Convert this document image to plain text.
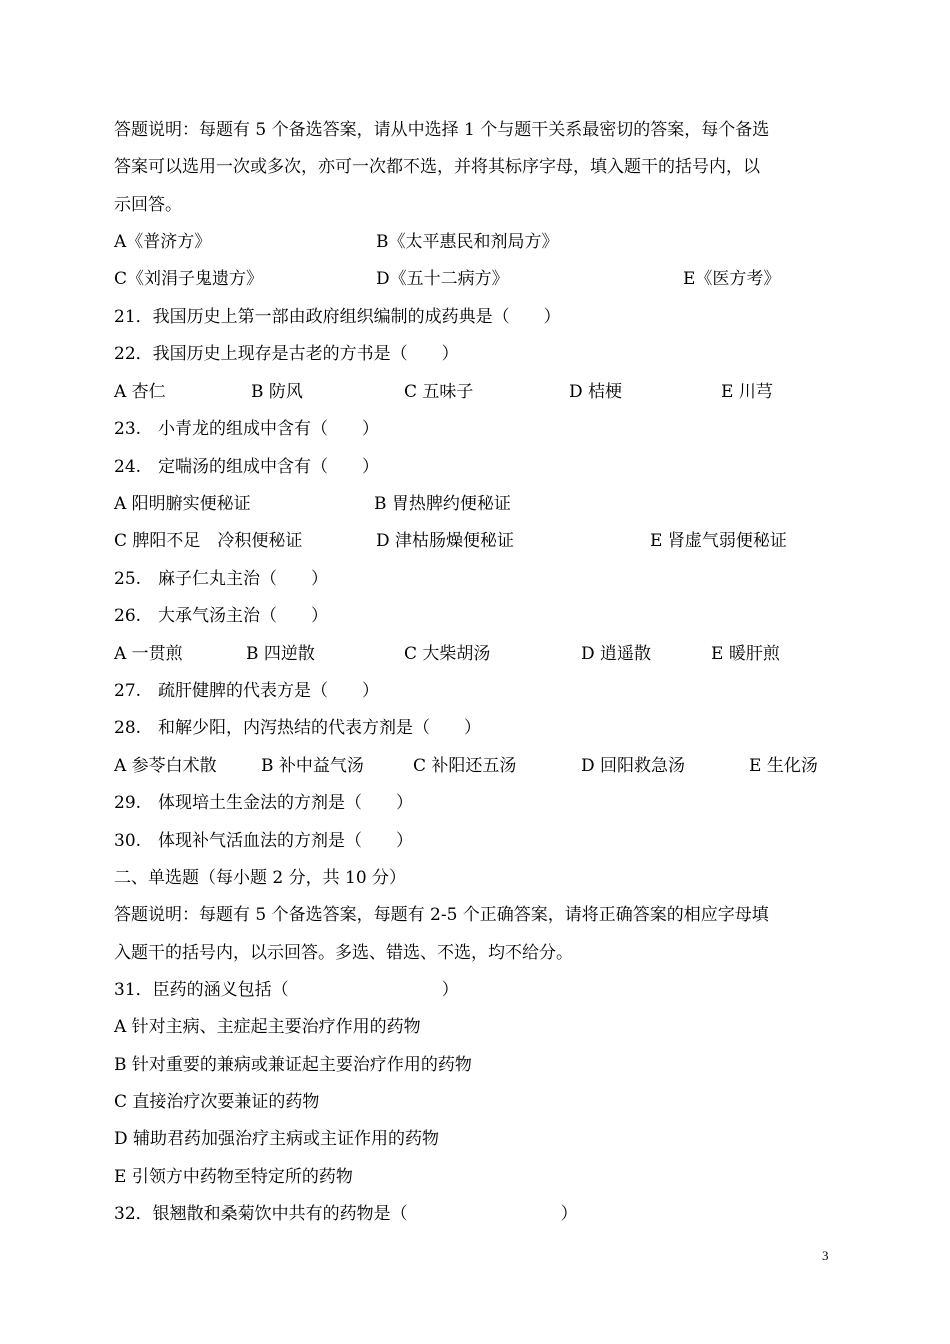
答题说明：每题有 5 个备选答案，请从中选择 1 个与题干关系最密切的答案，每个备选
答案可以选用一次或多次，亦可一次都不选，并将其标序字母，填入题干的括号内，以
示回答。
A《普济方》	B《太平惠民和剂局方》
C《刘涓子鬼遗方》	D《五十二病方》	E《医方考》
21．我国历史上第一部由政府组织编制的成药典是（　　）
22．我国历史上现存是古老的方书是（　　）
A 杏仁	B 防风	C 五味子	D 桔梗	E 川芎
23.　小青龙的组成中含有（　　）
24.　定喘汤的组成中含有（　　）
A 阳明腑实便秘证	B 胃热脾约便秘证
C 脾阳不足　冷积便秘证	D 津枯肠燥便秘证	E 肾虚气弱便秘证
25.　麻子仁丸主治（　　）
26.　大承气汤主治（　　）
A 一贯煎	B 四逆散	C 大柴胡汤	D 逍遥散	E 暖肝煎
27.　疏肝健脾的代表方是（　　）
28.　和解少阳，内泻热结的代表方剂是（　　）
A 参苓白术散	B 补中益气汤	C 补阳还五汤	D 回阳救急汤	E 生化汤
29.　体现培土生金法的方剂是（　　）
30.　体现补气活血法的方剂是（　　）
二、单选题（每小题 2 分，共 10 分）
答题说明：每题有 5 个备选答案，每题有 2-5 个正确答案，请将正确答案的相应字母填
入题干的括号内，以示回答。多选、错选、不选，均不给分。
31．臣药的涵义包括（　　　　　　　　　）
A 针对主病、主症起主要治疗作用的药物
B 针对重要的兼病或兼证起主要治疗作用的药物
C 直接治疗次要兼证的药物
D 辅助君药加强治疗主病或主证作用的药物
E 引领方中药物至特定所的药物
32．银翘散和桑菊饮中共有的药物是（　　　　　　　　　）
3
